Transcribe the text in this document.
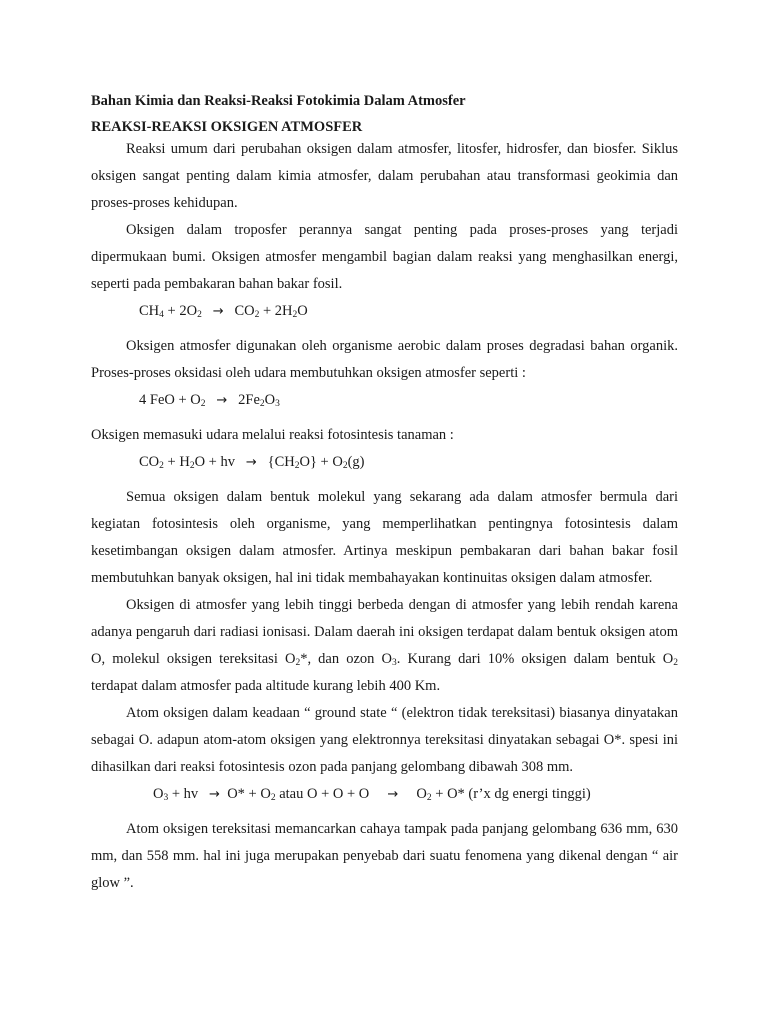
Bahan Kimia dan Reaksi-Reaksi Fotokimia Dalam Atmosfer
REAKSI-REAKSI OKSIGEN ATMOSFER

Reaksi umum dari perubahan oksigen dalam atmosfer, litosfer, hidrosfer, dan biosfer. Siklus oksigen sangat penting dalam kimia atmosfer, dalam perubahan atau transformasi geokimia dan proses-proses kehidupan.

Oksigen dalam troposfer perannya sangat penting pada proses-proses yang terjadi dipermukaan bumi. Oksigen atmosfer mengambil bagian dalam reaksi yang menghasilkan energi, seperti pada pembakaran bahan bakar fosil.

$CH_4 + 2O_2 \to CO_2 + 2H_2O$

Oksigen atmosfer digunakan oleh organisme aerobic dalam proses degradasi bahan organik. Proses-proses oksidasi oleh udara membutuhkan oksigen atmosfer seperti :

4 FeO + $O_2 \to 2Fe_2O_3$

Oksigen memasuki udara melalui reaksi fotosintesis tanaman :

$CO_2 + H_2O$ + hv → $\{CH_2O\} + O_2(g)$

Semua oksigen dalam bentuk molekul yang sekarang ada dalam atmosfer bermula dari kegiatan fotosintesis oleh organisme, yang memperlihatkan pentingnya fotosintesis dalam kesetimbangan oksigen dalam atmosfer. Artinya meskipun pembakaran dari bahan bakar fosil membutuhkan banyak oksigen, hal ini tidak membahayakan kontinuitas oksigen dalam atmosfer.

Oksigen di atmosfer yang lebih tinggi berbeda dengan di atmosfer yang lebih rendah karena adanya pengaruh dari radiasi ionisasi. Dalam daerah ini oksigen terdapat dalam bentuk oksigen atom O, molekul oksigen tereksitasi $O_2*$, dan ozon $O_3$. Kurang dari 10% oksigen dalam bentuk $O_2$ terdapat dalam atmosfer pada altitude kurang lebih 400 Km.

Atom oksigen dalam keadaan “ ground state “ (elektron tidak tereksitasi) biasanya dinyatakan sebagai O. adapun atom-atom oksigen yang elektronnya tereksitasi dinyatakan sebagai O*. spesi ini dihasilkan dari reaksi fotosintesis ozon pada panjang gelombang dibawah 308 mm.

$O_3$ + hv → $O* + O_2$ atau $O + O + O \to O_2 + O*$ (r’x dg energi tinggi)

Atom oksigen tereksitasi memancarkan cahaya tampak pada panjang gelombang 636 mm, 630 mm, dan 558 mm. hal ini juga merupakan penyebab dari suatu fenomena yang dikenal dengan “ air glow ”.
